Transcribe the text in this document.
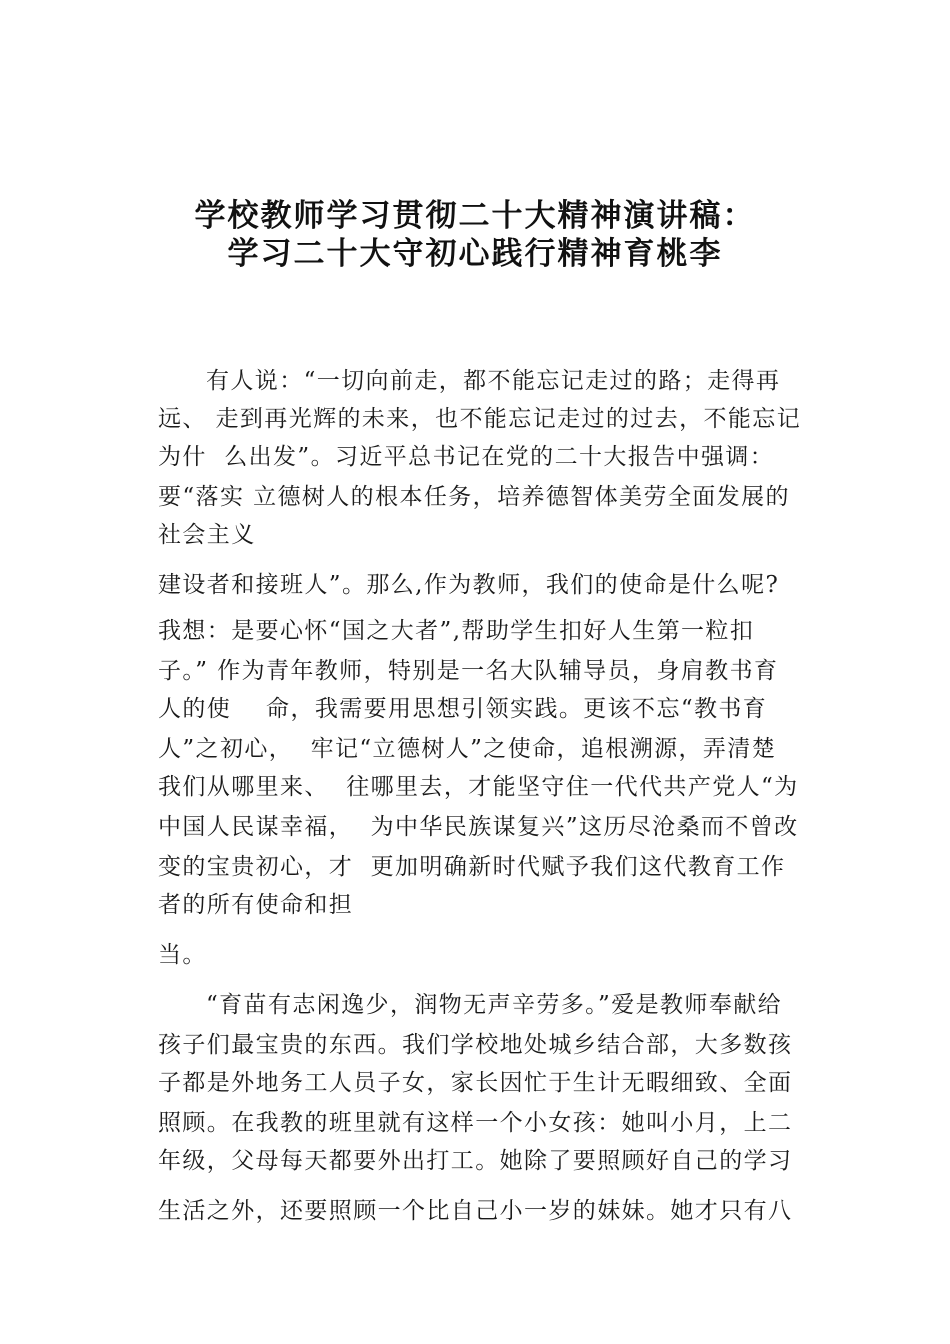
学校教师学习贯彻二十大精神演讲稿：
学习二十大守初心践行精神育桃李
有人说：“一切向前走，都不能忘记走过的路；走得再
远、 走到再光辉的未来，也不能忘记走过的过去，不能忘记
为什  么出发”。习近平总书记在党的二十大报告中强调：
要“落实 立德树人的根本任务，培养德智体美劳全面发展的
社会主义
建设者和接班人”。那么,作为教师，我们的使命是什么呢?
我想：是要心怀“国之大者”,帮助学生扣好人生第一粒扣
子。” 作为青年教师，特别是一名大队辅导员，身肩教书育
人的使    命，我需要用思想引领实践。更该不忘“教书育
人”之初心，  牢记“立德树人”之使命，追根溯源，弄清楚
我们从哪里来、  往哪里去，才能坚守住一代代共产党人“为
中国人民谋幸福，  为中华民族谋复兴”这历尽沧桑而不曾改
变的宝贵初心，才  更加明确新时代赋予我们这代教育工作
者的所有使命和担
当。
“育苗有志闲逸少，润物无声辛劳多。”爱是教师奉献给
孩子们最宝贵的东西。我们学校地处城乡结合部，大多数孩
子都是外地务工人员子女，家长因忙于生计无暇细致、全面
照顾。在我教的班里就有这样一个小女孩：她叫小月，上二
年级，父母每天都要外出打工。她除了要照顾好自己的学习
生活之外，还要照顾一个比自己小一岁的妹妹。她才只有八
